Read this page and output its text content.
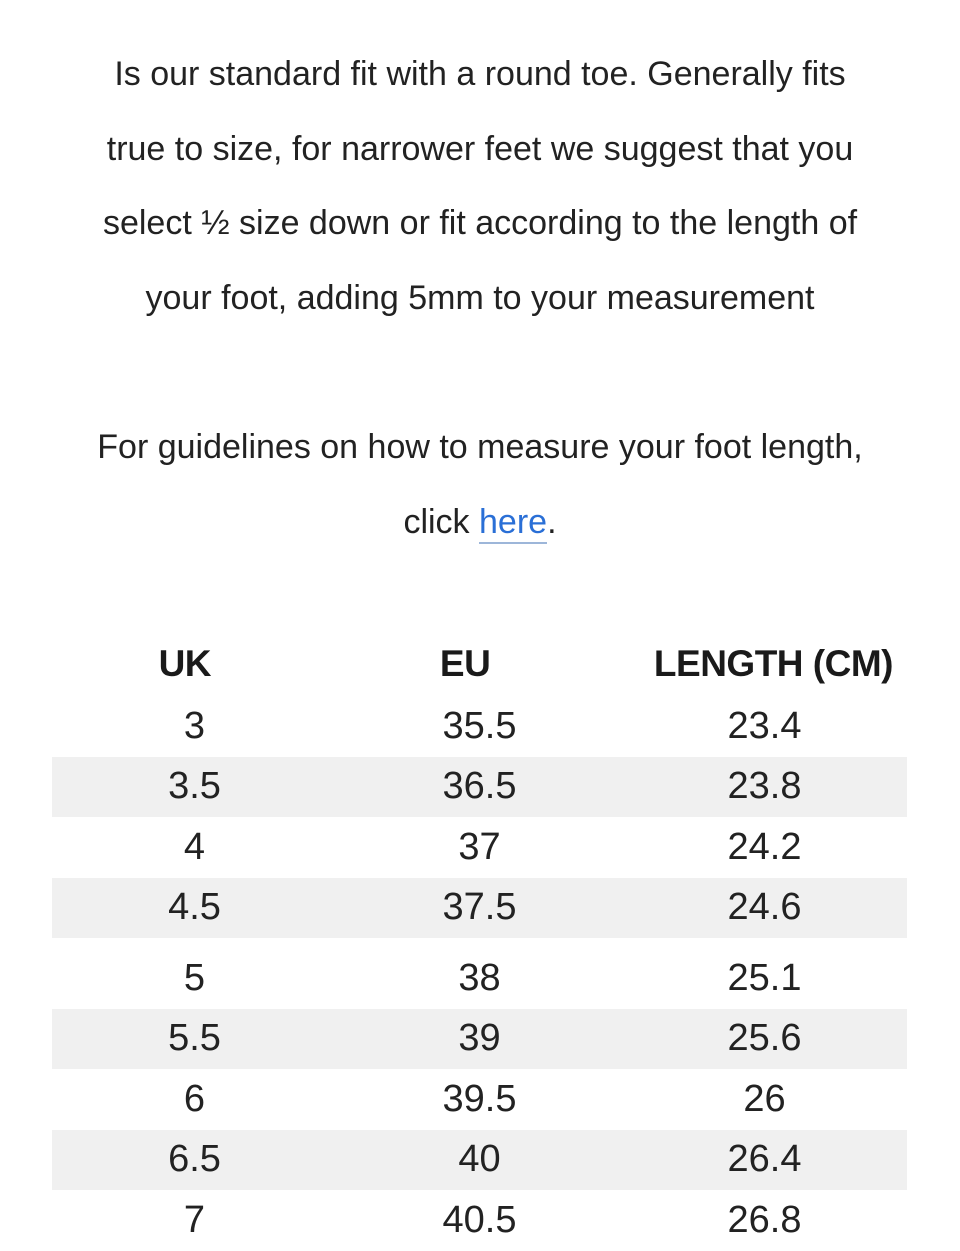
Is our standard fit with a round toe. Generally fits
true to size, for narrower feet we suggest that you
select ½ size down or fit according to the length of
your foot, adding 5mm to your measurement

For guidelines on how to measure your foot length,
click here.

UK	EU	LENGTH (CM)
3	35.5	23.4
3.5	36.5	23.8
4	37	24.2
4.5	37.5	24.6
5	38	25.1
5.5	39	25.6
6	39.5	26
6.5	40	26.4
7	40.5	26.8
